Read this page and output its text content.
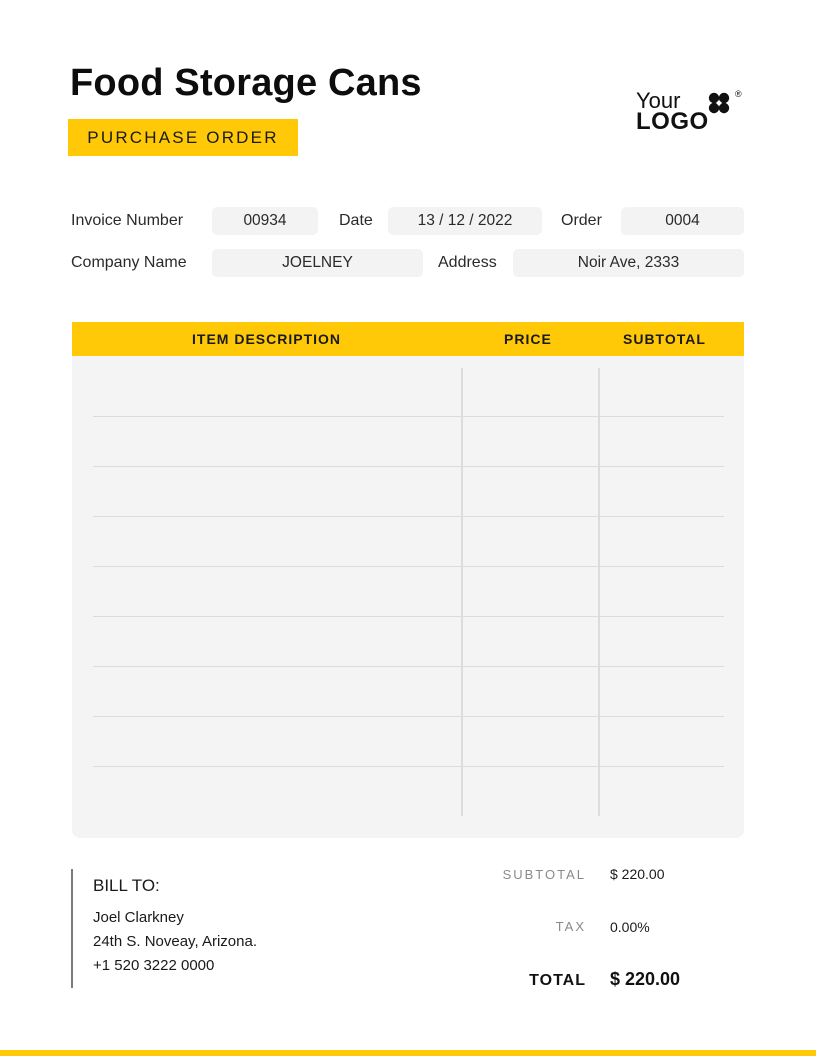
Food Storage Cans
PURCHASE ORDER
Your	®
LOGO
Invoice Number	00934	Date	13 / 12 / 2022	Order	0004
Company Name	JOELNEY	Address	Noir Ave, 2333
ITEM DESCRIPTION	PRICE	SUBTOTAL
BILL TO:
Joel Clarkney
24th S. Noveay, Arizona.
+1 520 3222 0000
SUBTOTAL $ 220.00
TAX 0.00%
TOTAL $ 220.00
